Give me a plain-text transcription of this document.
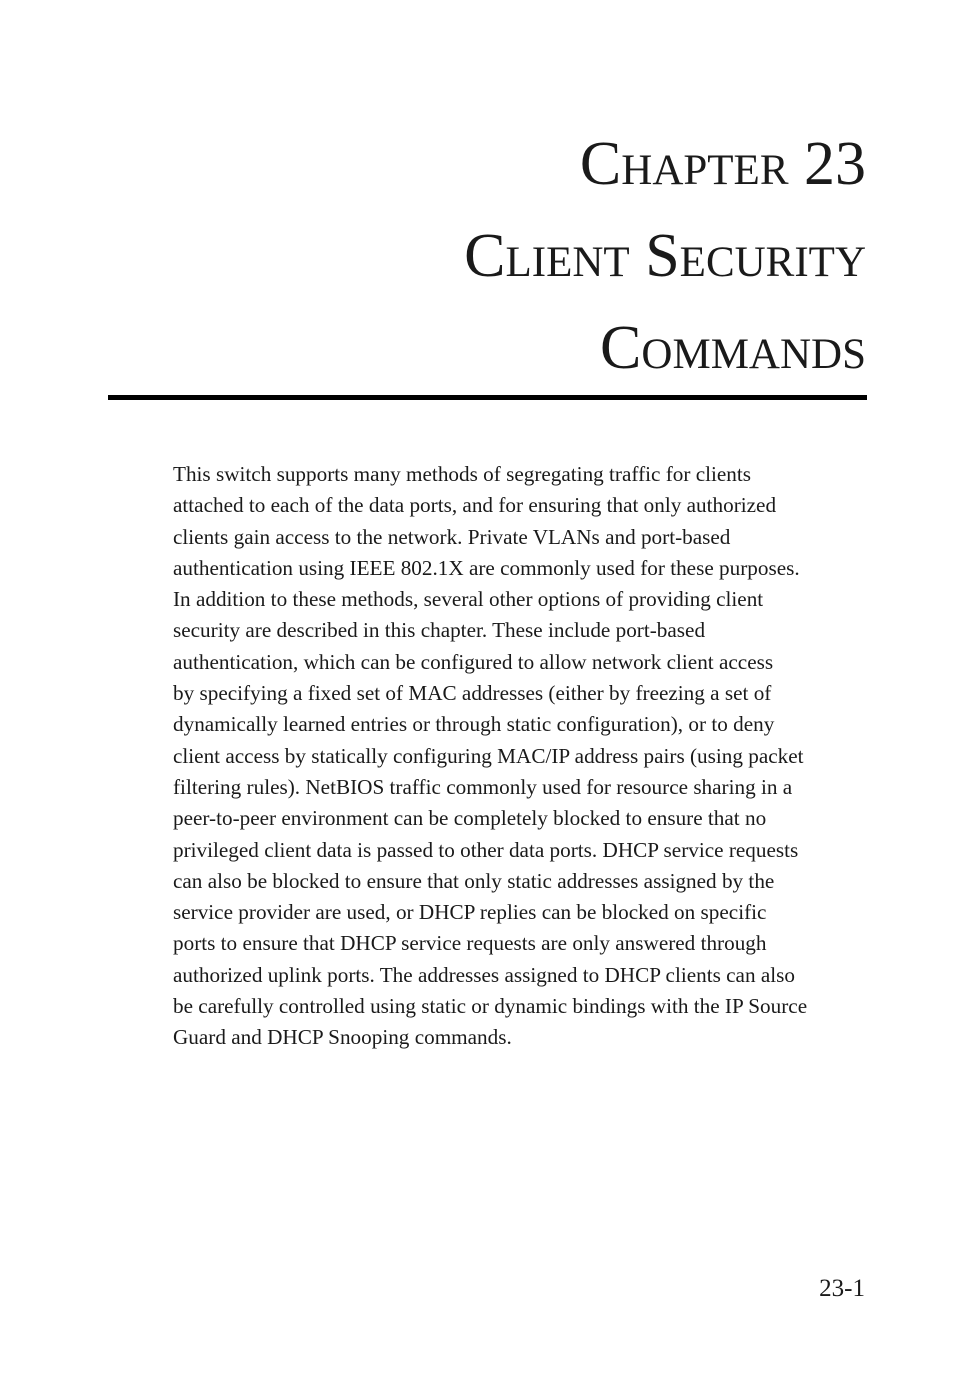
Chapter 23
Client Security
Commands

This switch supports many methods of segregating traffic for clients
attached to each of the data ports, and for ensuring that only authorized
clients gain access to the network. Private VLANs and port-based
authentication using IEEE 802.1X are commonly used for these purposes.
In addition to these methods, several other options of providing client
security are described in this chapter. These include port-based
authentication, which can be configured to allow network client access
by specifying a fixed set of MAC addresses (either by freezing a set of
dynamically learned entries or through static configuration), or to deny
client access by statically configuring MAC/IP address pairs (using packet
filtering rules). NetBIOS traffic commonly used for resource sharing in a
peer-to-peer environment can be completely blocked to ensure that no
privileged client data is passed to other data ports. DHCP service requests
can also be blocked to ensure that only static addresses assigned by the
service provider are used, or DHCP replies can be blocked on specific
ports to ensure that DHCP service requests are only answered through
authorized uplink ports. The addresses assigned to DHCP clients can also
be carefully controlled using static or dynamic bindings with the IP Source
Guard and DHCP Snooping commands.

23-1
